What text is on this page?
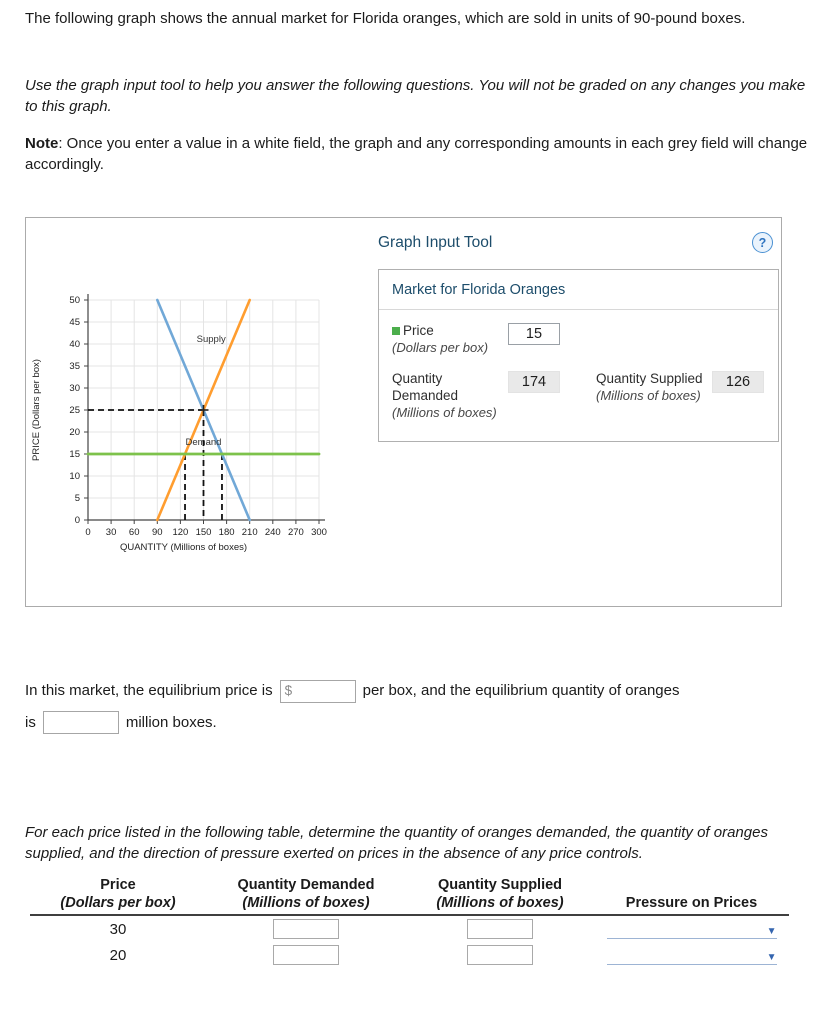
The following graph shows the annual market for Florida oranges, which are sold in units of 90-pound boxes.

Use the graph input tool to help you answer the following questions. You will not be graded on any changes you make to this graph.

Note: Once you enter a value in a white field, the graph and any corresponding amounts in each grey field will change accordingly.

0
5
10
15
20
25
30
35
40
45
50
0 30 60 90 120 150 180 210 240 270 300
QUANTITY (Millions of boxes)
PRICE (Dollars per box)
Supply
Demand
Graph Input Tool	?
Market for Florida Oranges
Price
(Dollars per box)
15
Quantity Demanded
(Millions of boxes)
174	Quantity Supplied
(Millions of boxes)
126
In this market, the equilibrium price is $	per box, and the equilibrium quantity of oranges
is	million boxes.

For each price listed in the following table, determine the quantity of oranges demanded, the quantity of oranges supplied, and the direction of pressure exerted on prices in the absence of any price controls.

Price
(Dollars per box)

Quantity Demanded
(Millions of boxes)

Quantity Supplied
(Millions of boxes)	Pressure on Prices

30			▼

20			▼
